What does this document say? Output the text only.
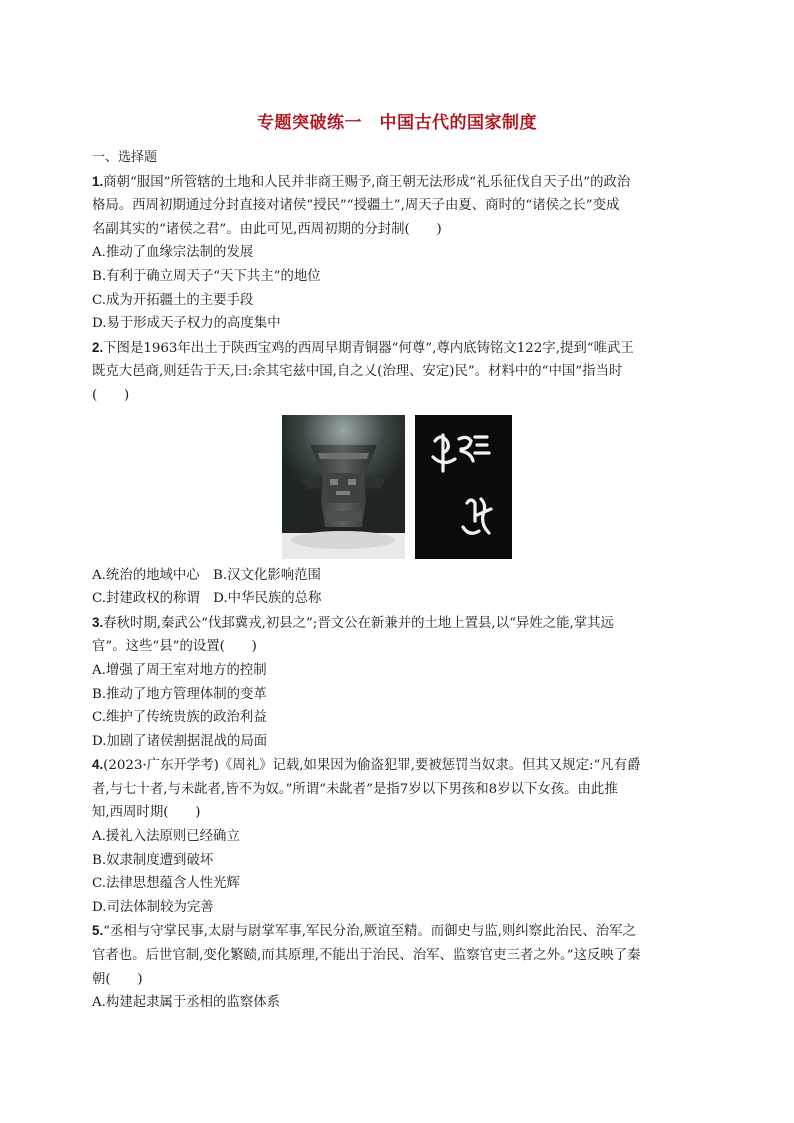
专题突破练一　中国古代的国家制度

一、选择题

1.商朝“服国”所管辖的土地和人民并非商王赐予,商王朝无法形成“礼乐征伐自天子出”的政治

格局。西周初期通过分封直接对诸侯“授民”“授疆土”,周天子由夏、商时的“诸侯之长”变成

名副其实的“诸侯之君”。由此可见,西周初期的分封制(　　)

A.推动了血缘宗法制的发展

B.有利于确立周天子“天下共主”的地位

C.成为开拓疆土的主要手段

D.易于形成天子权力的高度集中

2.下图是1963年出土于陕西宝鸡的西周早期青铜器“何尊”,尊内底铸铭文122字,提到“唯武王

既克大邑商,则廷告于天,曰:余其宅兹中国,自之乂(治理、安定)民”。材料中的“中国”指当时

(　　)

A.统治的地域中心　B.汉文化影响范围

C.封建政权的称谓　D.中华民族的总称

3.春秋时期,秦武公“伐邽冀戎,初县之”;晋文公在新兼并的土地上置县,以“异姓之能,掌其远

官”。这些“县”的设置(　　)

A.增强了周王室对地方的控制

B.推动了地方管理体制的变革

C.维护了传统贵族的政治利益

D.加剧了诸侯割据混战的局面

4.(2023·广东开学考)《周礼》记载,如果因为偷盗犯罪,要被惩罚当奴隶。但其又规定:“凡有爵

者,与七十者,与未龀者,皆不为奴。”所谓“未龀者”是指7岁以下男孩和8岁以下女孩。由此推

知,西周时期(　　)

A.援礼入法原则已经确立

B.奴隶制度遭到破坏

C.法律思想蕴含人性光辉

D.司法体制较为完善

5.“丞相与守掌民事,太尉与尉掌军事,军民分治,厥谊至精。而御史与监,则纠察此治民、治军之

官者也。后世官制,变化繁赜,而其原理,不能出于治民、治军、监察官吏三者之外。”这反映了秦

朝(　　)

A.构建起隶属于丞相的监察体系
